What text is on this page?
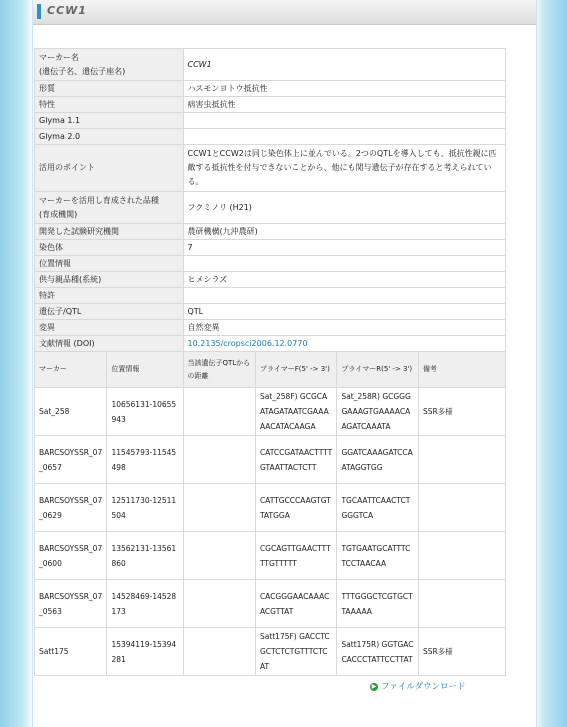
CCW1
マーカー名
(遺伝子名、遺伝子座名)		CCW1			
形質		ハスモンヨトウ抵抗性			
特性		病害虫抵抗性			
Glyma 1.1					
Glyma 2.0					
活用のポイント		CCW1とCCW2は同じ染色体上に並んでいる。2つのQTLを導入しても、抵抗性親に匹敵する抵抗性を付与できないことから、他にも関与遺伝子が存在すると考えられている。			
マーカーを活用し育成された品種
(育成機関)		フクミノリ (H21)			
開発した試験研究機関		農研機構(九沖農研)			
染色体		7			
位置情報					
供与親品種(系統)		ヒメシラズ			
特許					
遺伝子/QTL		QTL			
変異		自然変異			
文献情報 (DOI)		10.2135/cropsci2006.12.0770			
マーカー	位置情報	当該遺伝子QTLからの距離	プライマーF(5' -> 3')	プライマーR(5' -> 3')	備考
Sat_258	10656131-10655943		Sat_258F) GCGCAATAGATAATCGAAAAACATACAAGA	Sat_258R) GCGGGGAAAGTGAAAACAAGATCAAATA	SSR多様
BARCSOYSSR_07_0657	11545793-11545498		CATCCGATAACTTTTGTAATTACTCTT	GGATCAAAGATCCAATAGGTGG	
BARCSOYSSR_07_0629	12511730-12511504		CATTGCCCAAGTGTTATGGA	TGCAATTCAACTCTGGGTCA	
BARCSOYSSR_07_0600	13562131-13561860		CGCAGTTGAACTTTTTGTTTTT	TGTGAATGCATTTCTCCTAACAA	
BARCSOYSSR_07_0563	14528469-14528173		CACGGGAACAAACACGTTAT	TTTGGGCTCGTGCTTAAAAA	
Satt175	15394119-15394281		Satt175F) GACCTCGCTCTCTGTTTCTCAT	Satt175R) GGTGACCACCCTATTCCTTAT	SSR多様
▶ ファイルダウンロード
